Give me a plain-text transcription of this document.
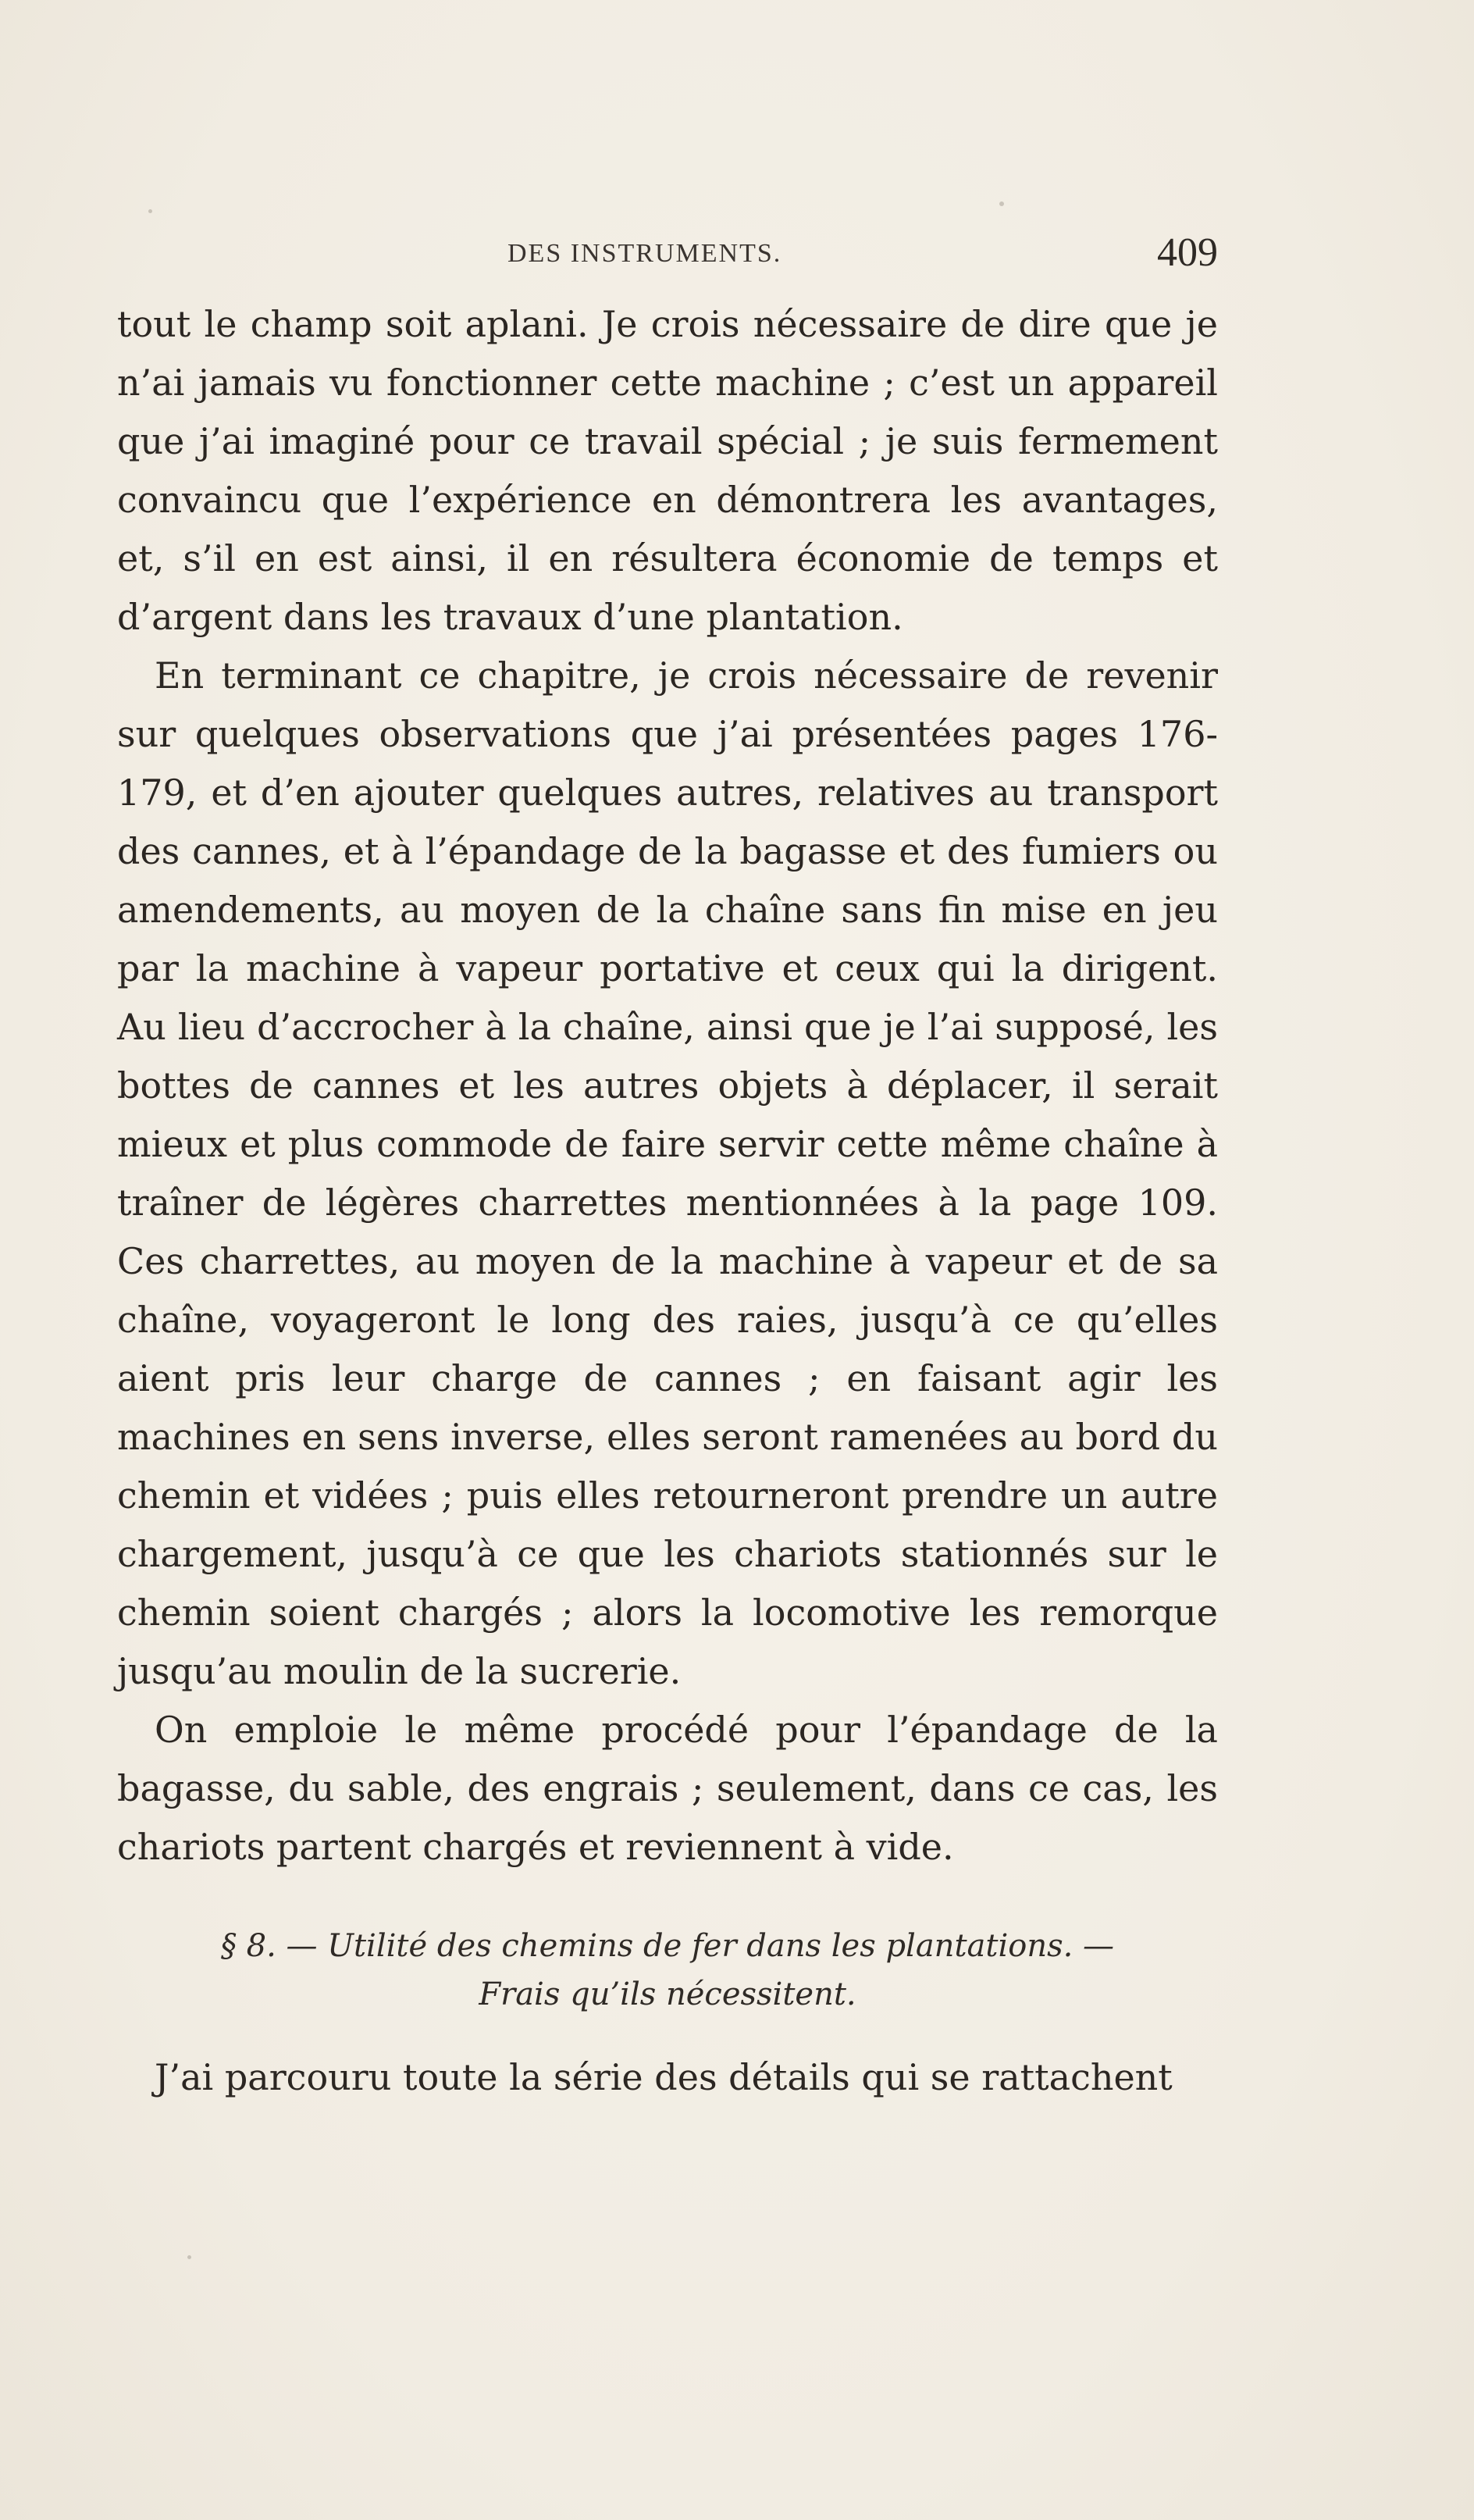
DES INSTRUMENTS.	409

tout le champ soit aplani. Je crois nécessaire de dire que je n’ai jamais vu fonctionner cette machine ; c’est un appareil que j’ai imaginé pour ce travail spécial ; je suis fermement convaincu que l’expérience en démontrera les avantages, et, s’il en est ainsi, il en résultera économie de temps et d’argent dans les travaux d’une plantation.

En terminant ce chapitre, je crois nécessaire de revenir sur quelques observations que j’ai présentées pages 176-179, et d’en ajouter quelques autres, relatives au transport des cannes, et à l’épandage de la bagasse et des fumiers ou amendements, au moyen de la chaîne sans fin mise en jeu par la machine à vapeur portative et ceux qui la dirigent. Au lieu d’accrocher à la chaîne, ainsi que je l’ai supposé, les bottes de cannes et les autres objets à déplacer, il serait mieux et plus commode de faire servir cette même chaîne à traîner de légères charrettes mentionnées à la page 109. Ces charrettes, au moyen de la machine à vapeur et de sa chaîne, voyageront le long des raies, jusqu’à ce qu’elles aient pris leur charge de cannes ; en faisant agir les machines en sens inverse, elles seront ramenées au bord du chemin et vidées ; puis elles retourneront prendre un autre chargement, jusqu’à ce que les chariots stationnés sur le chemin soient chargés ; alors la locomotive les remorque jusqu’au moulin de la sucrerie.

On emploie le même procédé pour l’épandage de la bagasse, du sable, des engrais ; seulement, dans ce cas, les chariots partent chargés et reviennent à vide.

§ 8. — Utilité des chemins de fer dans les plantations. —
Frais qu’ils nécessitent.

J’ai parcouru toute la série des détails qui se rattachent
